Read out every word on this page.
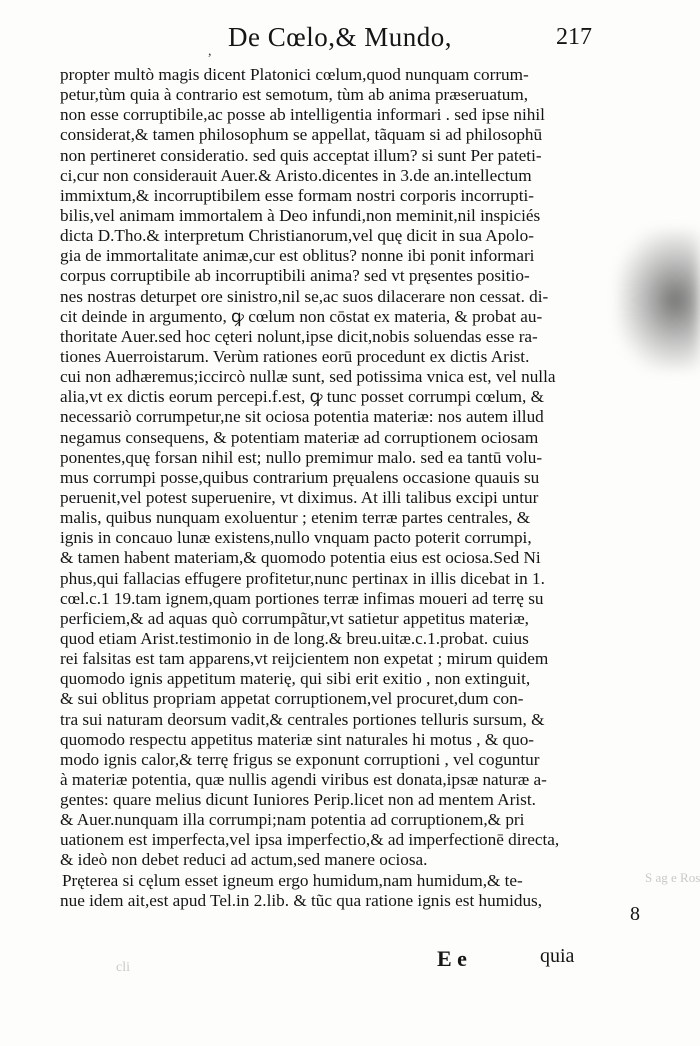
, De Cœlo,& Mundo,	217
propter multò magis dicent Platonici cœlum,quod nunquam corrum-
petur,tùm quia à contrario est semotum, tùm ab anima præseruatum,
non esse corruptibile,ac posse ab intelligentia informari . sed ipse nihil
considerat,& tamen philosophum se appellat, tãquam si ad philosophū
non pertineret consideratio. sed quis acceptat illum? si sunt Per pateti-
ci,cur non considerauit Auer.& Aristo.dicentes in 3.de an.intellectum
immixtum,& incorruptibilem esse formam nostri corporis incorrupti-
bilis,vel animam immortalem à Deo infundi,non meminit,nil inspiciés
dicta D.Tho.& interpretum Christianorum,vel quę dicit in sua Apolo-
gia de immortalitate animæ,cur est oblitus? nonne ibi ponit informari
corpus corruptibile ab incorruptibili anima? sed vt pręsentes positio-
nes nostras deturpet ore sinistro,nil se,ac suos dilacerare non cessat. di-
cit deinde in argumento, ꝙ cœlum non cōstat ex materia, & probat au-
thoritate Auer.sed hoc cęteri nolunt,ipse dicit,nobis soluendas esse ra-
tiones Auerroistarum. Verùm rationes eorū procedunt ex dictis Arist.
cui non adhæremus;iccircò nullæ sunt, sed potissima vnica est, vel nulla
alia,vt ex dictis eorum percepi.f.est, ꝙ tunc posset corrumpi cœlum, &
necessariò corrumpetur,ne sit ociosa potentia materiæ: nos autem illud
negamus consequens, & potentiam materiæ ad corruptionem ociosam
ponentes,quę forsan nihil est; nullo premimur malo. sed ea tantū volu-
mus corrumpi posse,quibus contrarium pręualens occasione quauis su
peruenit,vel potest superuenire, vt diximus. At illi talibus excipi untur
malis, quibus nunquam exoluentur ; etenim terræ partes centrales, &
ignis in concauo lunæ existens,nullo vnquam pacto poterit corrumpi,
& tamen habent materiam,& quomodo potentia eius est ociosa.Sed Ni
phus,qui fallacias effugere profitetur,nunc pertinax in illis dicebat in 1.
cœl.c.1 19.tam ignem,quam portiones terræ infimas moueri ad terrę su
perficiem,& ad aquas quò corrumpãtur,vt satietur appetitus materiæ,
quod etiam Arist.testimonio in de long.& breu.uitæ.c.1.probat. cuius
rei falsitas est tam apparens,vt reijcientem non expetat ; mirum quidem
quomodo ignis appetitum materię, qui sibi erit exitio , non extinguit,
& sui oblitus propriam appetat corruptionem,vel procuret,dum con-
tra sui naturam deorsum vadit,& centrales portiones telluris sursum, &
quomodo respectu appetitus materiæ sint naturales hi motus , & quo-
modo ignis calor,& terrę frigus se exponunt corruptioni , vel coguntur
à materiæ potentia, quæ nullis agendi viribus est donata,ipsæ naturæ a-
gentes: quare melius dicunt Iuniores Perip.licet non ad mentem Arist.
& Auer.nunquam illa corrumpi;nam potentia ad corruptionem,& pri
uationem est imperfecta,vel ipsa imperfectio,& ad imperfectionē directa,
& ideò non debet reduci ad actum,sed manere ociosa.
Pręterea si cęlum esset igneum ergo humidum,nam humidum,& te-
nue idem ait,est apud Tel.in 2.lib. & tũc qua ratione ignis est humidus,
8
E e	quia
S ag e Ros
cli
